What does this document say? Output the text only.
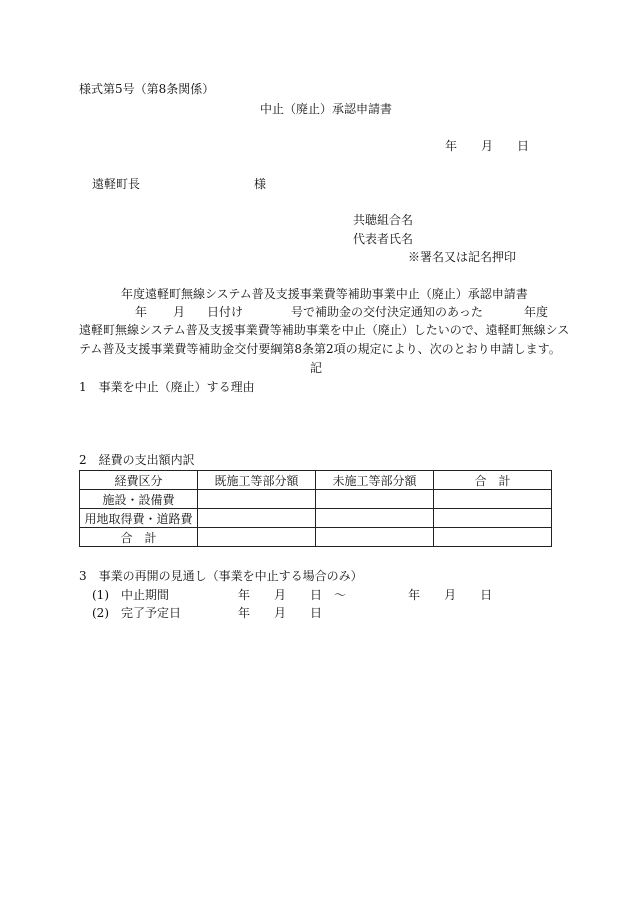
様式第5号（第8条関係）
中止（廃止）承認申請書
年 月 日
遠軽町長	様
共聴組合名
代表者氏名
※署名又は記名押印
年度遠軽町無線システム普及支援事業費等補助事業中止（廃止）承認申請書
年 月 日付け	号で補助金の交付決定通知のあった	年度
遠軽町無線システム普及支援事業費等補助事業を中止（廃止）したいので、遠軽町無線シス
テム普及支援事業費等補助金交付要綱第8条第2項の規定により、次のとおり申請します。
記
1　事業を中止（廃止）する理由
2　経費の支出額内訳
経費区分	既施工等部分額	未施工等部分額	合　計
施設・設備費			
用地取得費・道路費			
合　計			
3　事業の再開の見通し（事業を中止する場合のみ）
(1)　中止期間	年 月 日 ～	年 月 日
(2)　完了予定日	年 月 日
